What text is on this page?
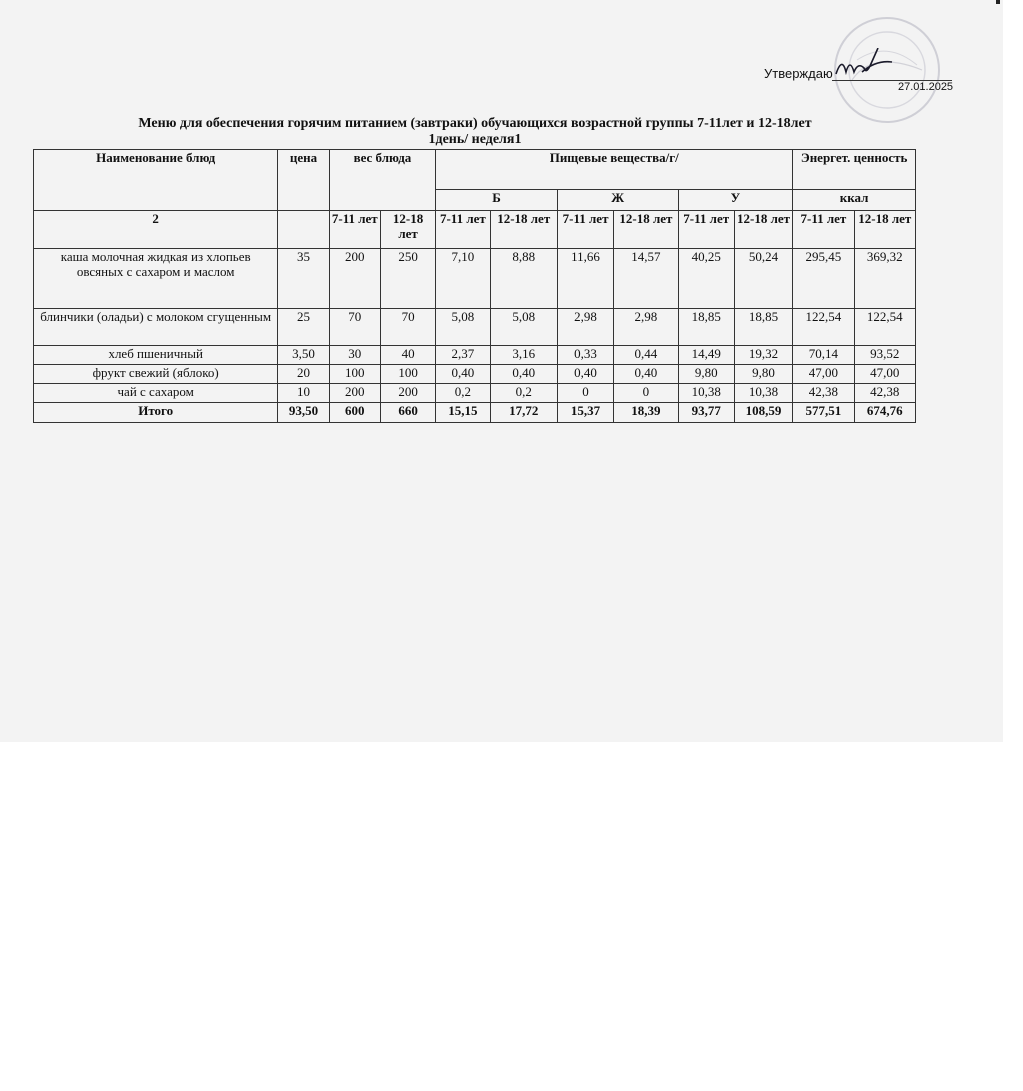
Утверждаю
27.01.2025
Меню для обеспечения горячим питанием (завтраки) обучающихся возрастной группы 7-11лет и 12-18лет
1день/ неделя1
Наименование блюд	цена	вес блюда		Пищевые вещества/г/						Энергет. ценность	
				Б		Ж		У		ккал	
2		7-11 лет	12-18 лет	7-11 лет	12-18 лет	7-11 лет	12-18 лет	7-11 лет	12-18 лет	7-11 лет	12-18 лет
каша молочная жидкая из хлопьев овсяных с сахаром и маслом	35	200	250	7,10	8,88	11,66	14,57	40,25	50,24	295,45	369,32
блинчики (оладьи) с молоком сгущенным	25	70	70	5,08	5,08	2,98	2,98	18,85	18,85	122,54	122,54
хлеб пшеничный	3,50	30	40	2,37	3,16	0,33	0,44	14,49	19,32	70,14	93,52
фрукт свежий (яблоко)	20	100	100	0,40	0,40	0,40	0,40	9,80	9,80	47,00	47,00
чай с сахаром	10	200	200	0,2	0,2	0	0	10,38	10,38	42,38	42,38
Итого	93,50	600	660	15,15	17,72	15,37	18,39	93,77	108,59	577,51	674,76
